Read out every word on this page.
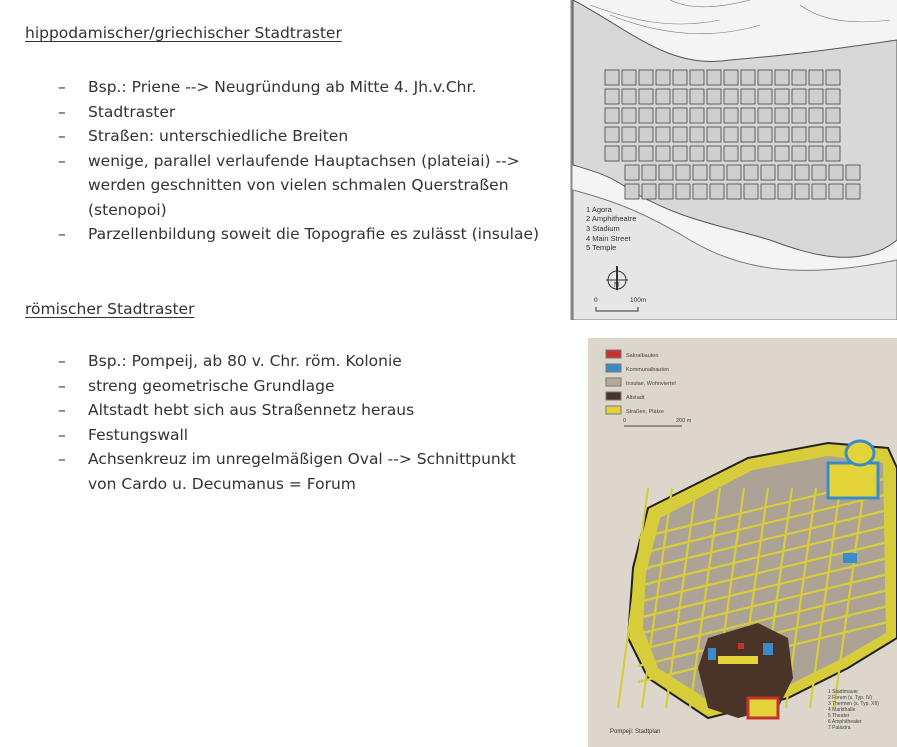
hippodamischer/griechischer Stadtraster
– Bsp.: Priene --> Neugründung ab Mitte 4. Jh.v.Chr.
– Stadtraster
– Straßen: unterschiedliche Breiten
– wenige, parallel verlaufende Hauptachsen (plateiai) --> werden geschnitten von vielen schmalen Querstraßen (stenopoi)
– Parzellenbildung soweit die Topografie es zulässt (insulae)
römischer Stadtraster
– Bsp.: Pompeij, ab 80 v. Chr. röm. Kolonie
– streng geometrische Grundlage
– Altstadt hebt sich aus Straßennetz heraus
– Festungswall
– Achsenkreuz im unregelmäßigen Oval --> Schnittpunkt von Cardo u. Decumanus = Forum
1 Agora
2 Amphitheatre
3 Stadium
4 Main Street
5 Temple
N
0	100m
Sakralbauten
Kommunalbauten
Insulae, Wohnviertel
Altstadt
Straßen, Plätze
0	200 m
Pompeji: Stadtplan
1 Stadtmauer
2 Forum (s. Typ. IV)
3 Thermen (s. Typ. XII)
4 Markthalle
5 Theater
6 Amphitheater
7 Palästra
